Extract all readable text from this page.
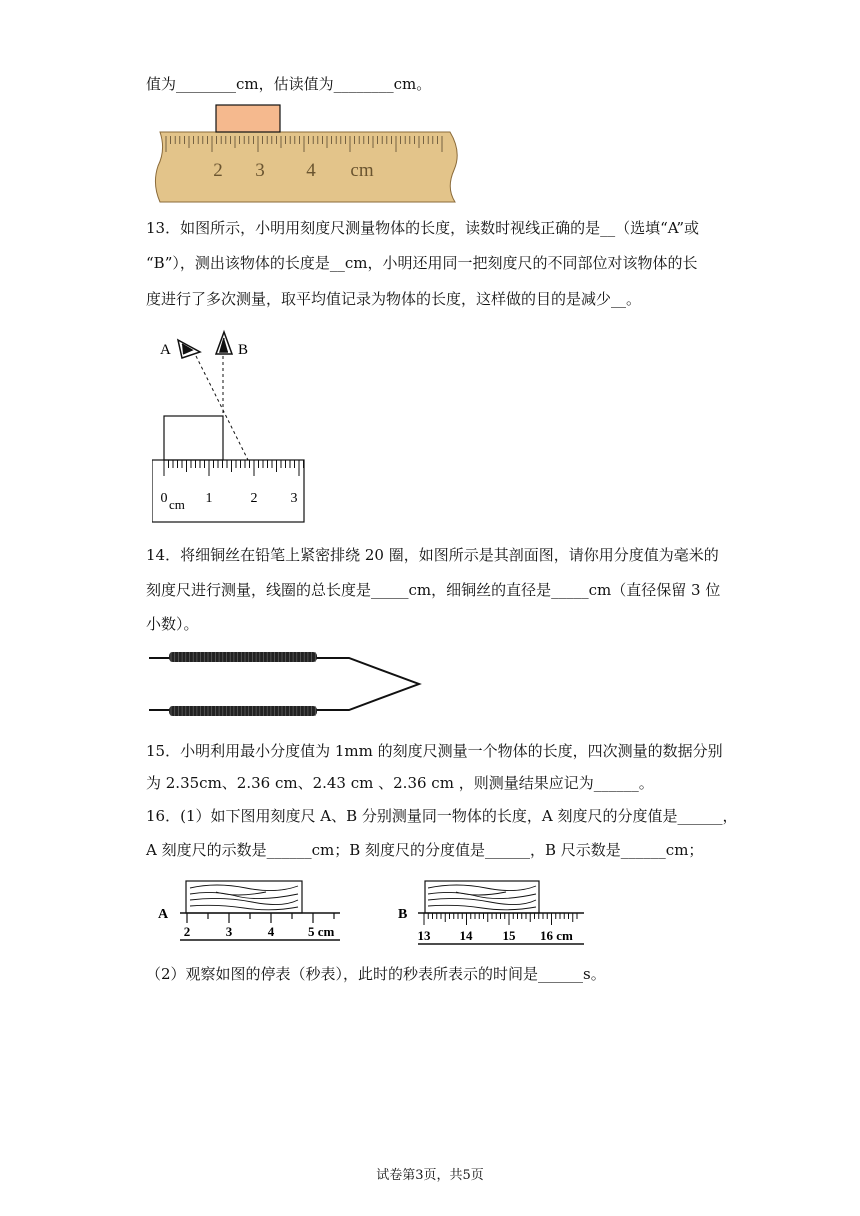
值为________cm，估读值为________cm。
2 3 4 cm
13．如图所示，小明用刻度尺测量物体的长度，读数时视线正确的是__（选填“A”或
“B”），测出该物体的长度是__cm，小明还用同一把刻度尺的不同部位对该物体的长
度进行了多次测量，取平均值记录为物体的长度，这样做的目的是减少__。
A	B
0 cm 1	2 3
14．将细铜丝在铅笔上紧密排绕 20 圈，如图所示是其剖面图，请你用分度值为毫米的
刻度尺进行测量，线圈的总长度是_____cm，细铜丝的直径是_____cm（直径保留 3 位
小数）。
15．小明利用最小分度值为 1mm 的刻度尺测量一个物体的长度，四次测量的数据分别
为 2.35cm、2.36 cm、2.43 cm 、2.36 cm ，则测量结果应记为______。
16．(1）如下图用刻度尺 A、B 分别测量同一物体的长度，A 刻度尺的分度值是______，
A 刻度尺的示数是______cm；B 刻度尺的分度值是______，B 尺示数是______cm；
A
2	3	4	5 cm
B
13 14 15 16 cm
（2）观察如图的停表（秒表），此时的秒表所表示的时间是______s。
试卷第3页，共5页
